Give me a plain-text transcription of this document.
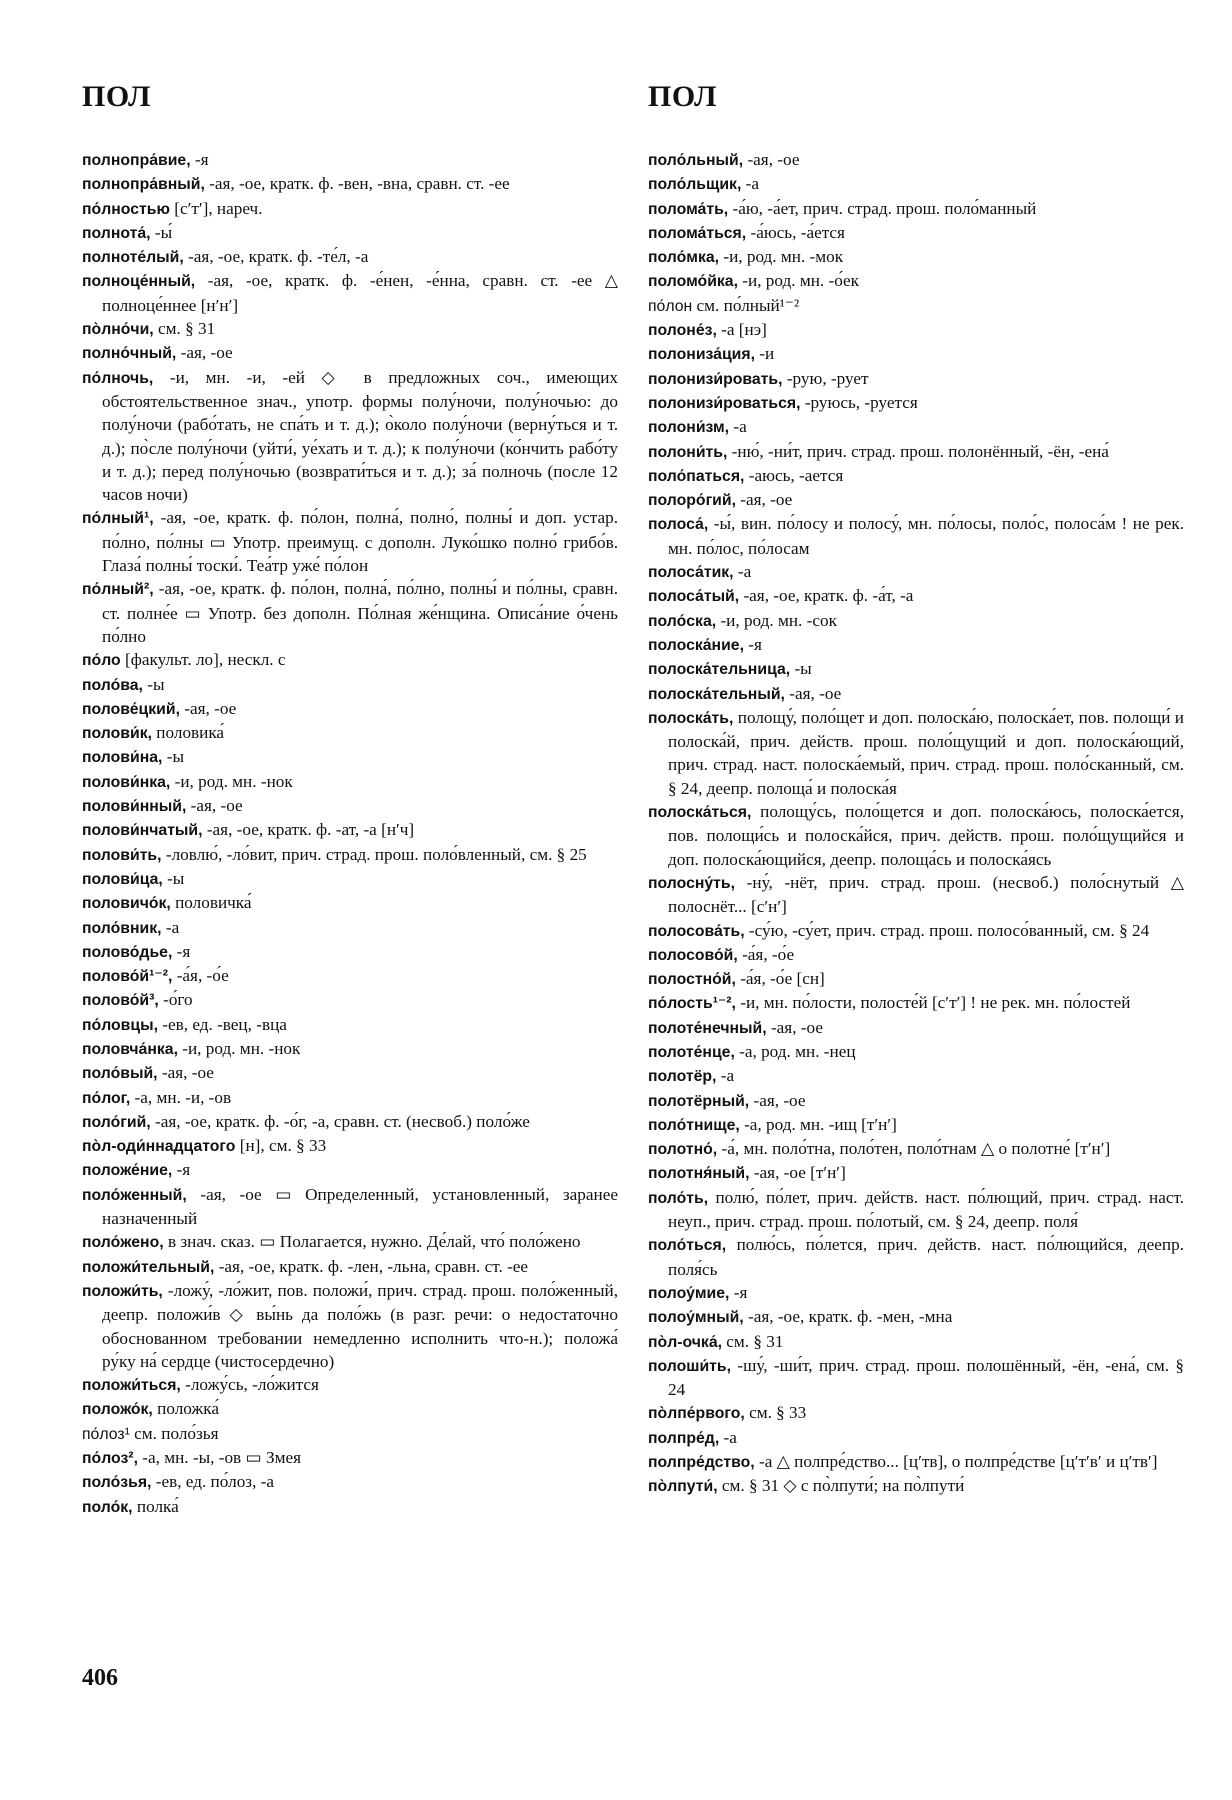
ПОЛ	ПОЛ

полнопра́вие, -я

полнопра́вный, -ая, -ое, кратк. ф. -вен, -вна, сравн. ст. -ее

по́лностью [сʹтʹ], нареч.

полнота́, -ы́

полноте́лый, -ая, -ое, кратк. ф. -те́л, -а

полноце́нный, -ая, -ое, кратк. ф. -е́нен, -е́нна, сравн. ст. -ее △ полноце́ннее [нʹнʹ]

по̀лно́чи, см. § 31

полно́чный, -ая, -ое

по́лночь, -и, мн. -и, -ей ◇ в предложных соч., имеющих обстоятельственное знач., употр. формы полу́ночи, полу́ночью: до полу́ночи (рабо́тать, не спа́ть и т. д.); о̀коло полу́ночи (верну́ться и т. д.); по̀сле полу́ночи (уйти́, уе́хать и т. д.); к полу́ночи (ко́нчить рабо́ту и т. д.); перед полу́ночью (возврати́ться и т. д.); за́ полночь (после 12 часов ночи)

по́лный¹, -ая, -ое, кратк. ф. по́лон, полна́, полно́, полны́ и доп. устар. по́лно, по́лны ▭ Употр. преимущ. с дополн. Луко́шко полно́ грибо́в. Глаза́ полны́ тоски́. Теа́тр уже́ по́лон

по́лный², -ая, -ое, кратк. ф. по́лон, полна́, по́лно, полны́ и по́лны, сравн. ст. полне́е ▭ Употр. без дополн. По́лная же́нщина. Описа́ние о́чень по́лно

по́ло [факульт. ло], нескл. с

поло́ва, -ы

полове́цкий, -ая, -ое

полови́к, половика́

полови́на, -ы

полови́нка, -и, род. мн. -нок

полови́нный, -ая, -ое

полови́нчатый, -ая, -ое, кратк. ф. -ат, -а [нʹч]

полови́ть, -ловлю́, -ло́вит, прич. страд. прош. поло́вленный, см. § 25

полови́ца, -ы

половичо́к, половичка́

поло́вник, -а

полово́дье, -я

полово́й¹⁻², -а́я, -о́е

полово́й³, -о́го

по́ловцы, -ев, ед. -вец, -вца

половча́нка, -и, род. мн. -нок

поло́вый, -ая, -ое

по́лог, -а, мн. -и, -ов

поло́гий, -ая, -ое, кратк. ф. -о́г, -а, сравн. ст. (несвоб.) поло́же

по̀л-оди́ннадцатого [н], см. § 33

положе́ние, -я

поло́женный, -ая, -ое ▭ Определенный, установленный, заранее назначенный

поло́жено, в знач. сказ. ▭ Полагается, нужно. Де́лай, что́ поло́жено

положи́тельный, -ая, -ое, кратк. ф. -лен, -льна, сравн. ст. -ее

положи́ть, -ложу́, -ло́жит, пов. положи́, прич. страд. прош. поло́женный, деепр. положи́в ◇ вы́нь да поло́жь (в разг. речи: о недостаточно обоснованном требовании немедленно исполнить что-н.); положа́ ру́ку на́ сердце (чистосердечно)

положи́ться, -ложу́сь, -ло́жится

положо́к, положка́

по́лоз¹ см. поло́зья

по́лоз², -а, мн. -ы, -ов ▭ Змея

поло́зья, -ев, ед. по́лоз, -а

поло́к, полка́

поло́льный, -ая, -ое

поло́льщик, -а

полома́ть, -а́ю, -а́ет, прич. страд. прош. поло́манный

полома́ться, -а́юсь, -а́ется

поло́мка, -и, род. мн. -мок

поломо́йка, -и, род. мн. -о́ек

по́лон см. по́лный¹⁻²

полоне́з, -а [нэ]

полониза́ция, -и

полонизи́ровать, -рую, -рует

полонизи́роваться, -руюсь, -руется

полони́зм, -а

полони́ть, -ню́, -ни́т, прич. страд. прош. полонённый, -ён, -ена́

поло́паться, -аюсь, -ается

полоро́гий, -ая, -ое

полоса́, -ы́, вин. по́лосу и полосу́, мн. по́лосы, поло́с, полоса́м ! не рек. мн. по́лос, по́лосам

полоса́тик, -а

полоса́тый, -ая, -ое, кратк. ф. -а́т, -а

поло́ска, -и, род. мн. -сок

полоска́ние, -я

полоска́тельница, -ы

полоска́тельный, -ая, -ое

полоска́ть, полощу́, поло́щет и доп. полоска́ю, полоска́ет, пов. полощи́ и полоска́й, прич. действ. прош. поло́щущий и доп. полоска́ющий, прич. страд. наст. полоска́емый, прич. страд. прош. поло́сканный, см. § 24, деепр. полоща́ и полоска́я

полоска́ться, полощу́сь, поло́щется и доп. полоска́юсь, полоска́ется, пов. полощи́сь и полоска́йся, прич. действ. прош. поло́щущийся и доп. полоска́ющийся, деепр. полоща́сь и полоска́ясь

полосну́ть, -ну́, -нёт, прич. страд. прош. (несвоб.) поло́снутый △ полоснёт... [сʹнʹ]

полосова́ть, -су́ю, -су́ет, прич. страд. прош. полосо́ванный, см. § 24

полосово́й, -а́я, -о́е

полостно́й, -а́я, -о́е [сн]

по́лость¹⁻², -и, мн. по́лости, полосте́й [сʹтʹ] ! не рек. мн. по́лостей

полоте́нечный, -ая, -ое

полоте́нце, -а, род. мн. -нец

полотёр, -а

полотёрный, -ая, -ое

поло́тнище, -а, род. мн. -ищ [тʹнʹ]

полотно́, -а́, мн. поло́тна, поло́тен, поло́тнам △ о полотне́ [тʹнʹ]

полотня́ный, -ая, -ое [тʹнʹ]

поло́ть, полю́, по́лет, прич. действ. наст. по́лющий, прич. страд. наст. неуп., прич. страд. прош. по́лотый, см. § 24, деепр. поля́

поло́ться, полю́сь, по́лется, прич. действ. наст. по́лющийся, деепр. поля́сь

полоу́мие, -я

полоу́мный, -ая, -ое, кратк. ф. -мен, -мна

по̀л-очка́, см. § 31

полоши́ть, -шу́, -ши́т, прич. страд. прош. полошённый, -ён, -ена́, см. § 24

по̀лпе́рвого, см. § 33

полпре́д, -а

полпре́дство, -а △ полпре́дство... [цʹтв], о полпре́дстве [цʹтʹвʹ и цʹтвʹ]

по̀лпути́, см. § 31 ◇ с по̀лпути́; на по̀лпути́

406
